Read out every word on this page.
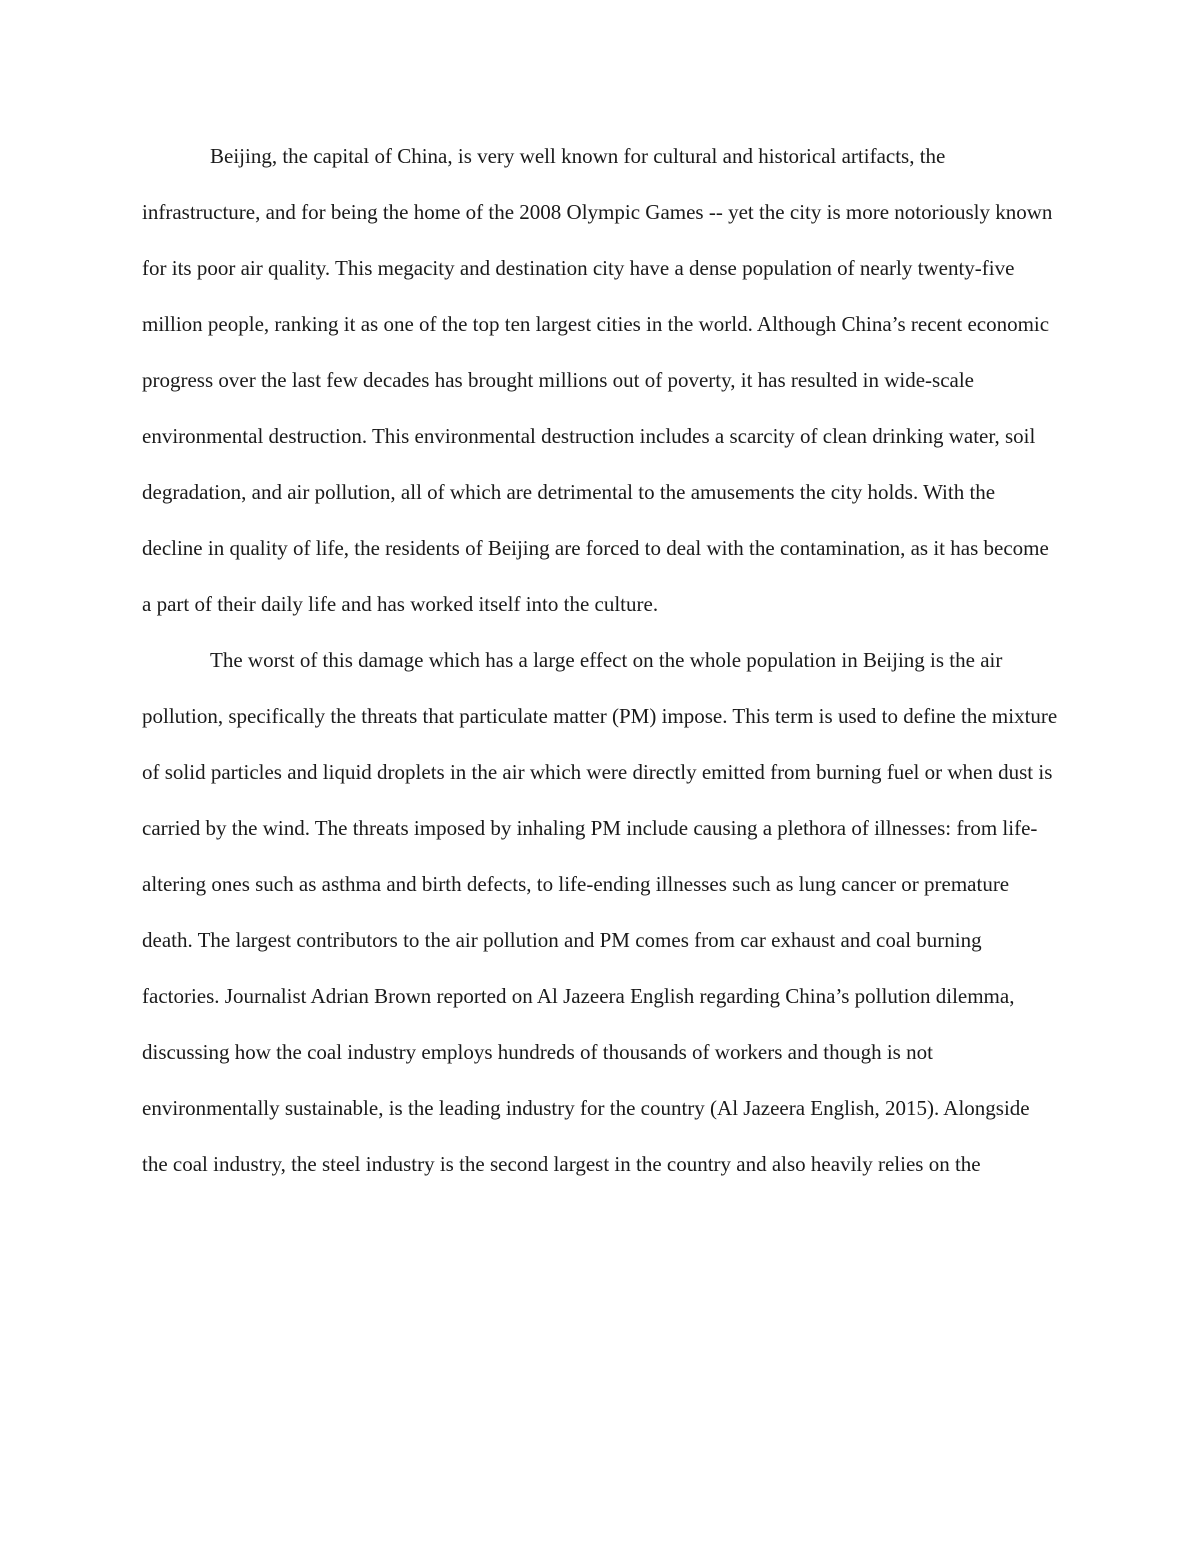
Beijing, the capital of China, is very well known for cultural and historical artifacts, the infrastructure, and for being the home of the 2008 Olympic Games -- yet the city is more notoriously known for its poor air quality. This megacity and destination city have a dense population of nearly twenty-five million people, ranking it as one of the top ten largest cities in the world. Although China’s recent economic progress over the last few decades has brought millions out of poverty, it has resulted in wide-scale environmental destruction. This environmental destruction includes a scarcity of clean drinking water, soil degradation, and air pollution, all of which are detrimental to the amusements the city holds. With the decline in quality of life, the residents of Beijing are forced to deal with the contamination, as it has become a part of their daily life and has worked itself into the culture.

The worst of this damage which has a large effect on the whole population in Beijing is the air pollution, specifically the threats that particulate matter (PM) impose. This term is used to define the mixture of solid particles and liquid droplets in the air which were directly emitted from burning fuel or when dust is carried by the wind. The threats imposed by inhaling PM include causing a plethora of illnesses: from life-altering ones such as asthma and birth defects, to life-ending illnesses such as lung cancer or premature death. The largest contributors to the air pollution and PM comes from car exhaust and coal burning factories. Journalist Adrian Brown reported on Al Jazeera English regarding China’s pollution dilemma, discussing how the coal industry employs hundreds of thousands of workers and though is not environmentally sustainable, is the leading industry for the country (Al Jazeera English, 2015). Alongside the coal industry, the steel industry is the second largest in the country and also heavily relies on the
